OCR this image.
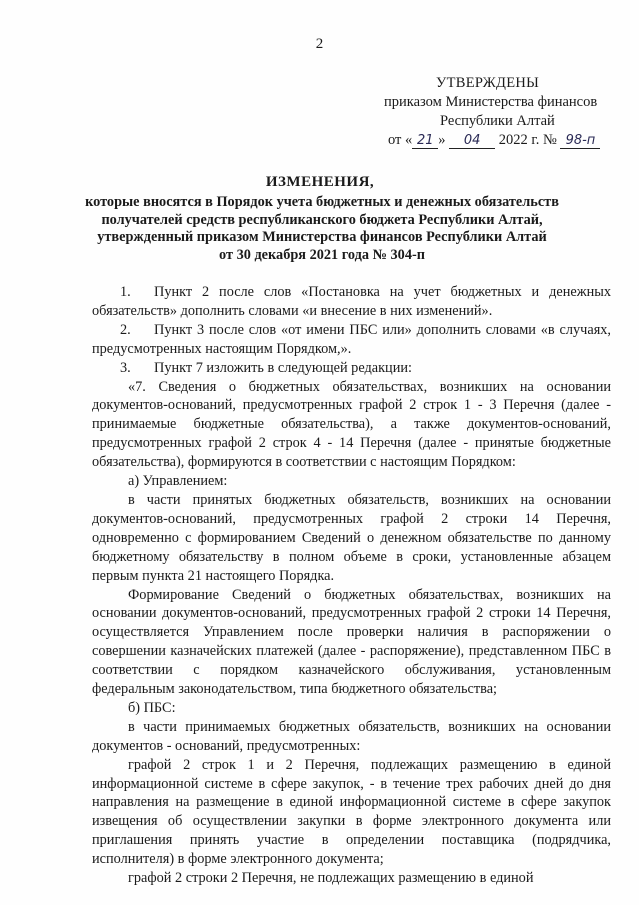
2
УТВЕРЖДЕНЫ
приказом Министерства финансов
Республики Алтай
от « 21 » 04 2022 г. № 98-п
ИЗМЕНЕНИЯ,
которые вносятся в Порядок учета бюджетных и денежных обязательств
получателей средств республиканского бюджета Республики Алтай,
утвержденный приказом Министерства финансов Республики Алтай
от 30 декабря 2021 года № 304-п

1. Пункт 2 после слов «Постановка на учет бюджетных и денежных обязательств» дополнить словами «и внесение в них изменений».

2. Пункт 3 после слов «от имени ПБС или» дополнить словами «в случаях, предусмотренных настоящим Порядком,».

3. Пункт 7 изложить в следующей редакции:

«7. Сведения о бюджетных обязательствах, возникших на основании документов-оснований, предусмотренных графой 2 строк 1 - 3 Перечня (далее - принимаемые бюджетные обязательства), а также документов-оснований, предусмотренных графой 2 строк 4 - 14 Перечня (далее - принятые бюджетные обязательства), формируются в соответствии с настоящим Порядком:

а) Управлением:

в части принятых бюджетных обязательств, возникших на основании документов-оснований, предусмотренных графой 2 строки 14 Перечня, одновременно с формированием Сведений о денежном обязательстве по данному бюджетному обязательству в полном объеме в сроки, установленные абзацем первым пункта 21 настоящего Порядка.

Формирование Сведений о бюджетных обязательствах, возникших на основании документов-оснований, предусмотренных графой 2 строки 14 Перечня, осуществляется Управлением после проверки наличия в распоряжении о совершении казначейских платежей (далее - распоряжение), представленном ПБС в соответствии с порядком казначейского обслуживания, установленным федеральным законодательством, типа бюджетного обязательства;

б) ПБС:

в части принимаемых бюджетных обязательств, возникших на основании документов - оснований, предусмотренных:

графой 2 строк 1 и 2 Перечня, подлежащих размещению в единой информационной системе в сфере закупок, - в течение трех рабочих дней до дня направления на размещение в единой информационной системе в сфере закупок извещения об осуществлении закупки в форме электронного документа или приглашения принять участие в определении поставщика (подрядчика, исполнителя) в форме электронного документа;

графой 2 строки 2 Перечня, не подлежащих размещению в единой
